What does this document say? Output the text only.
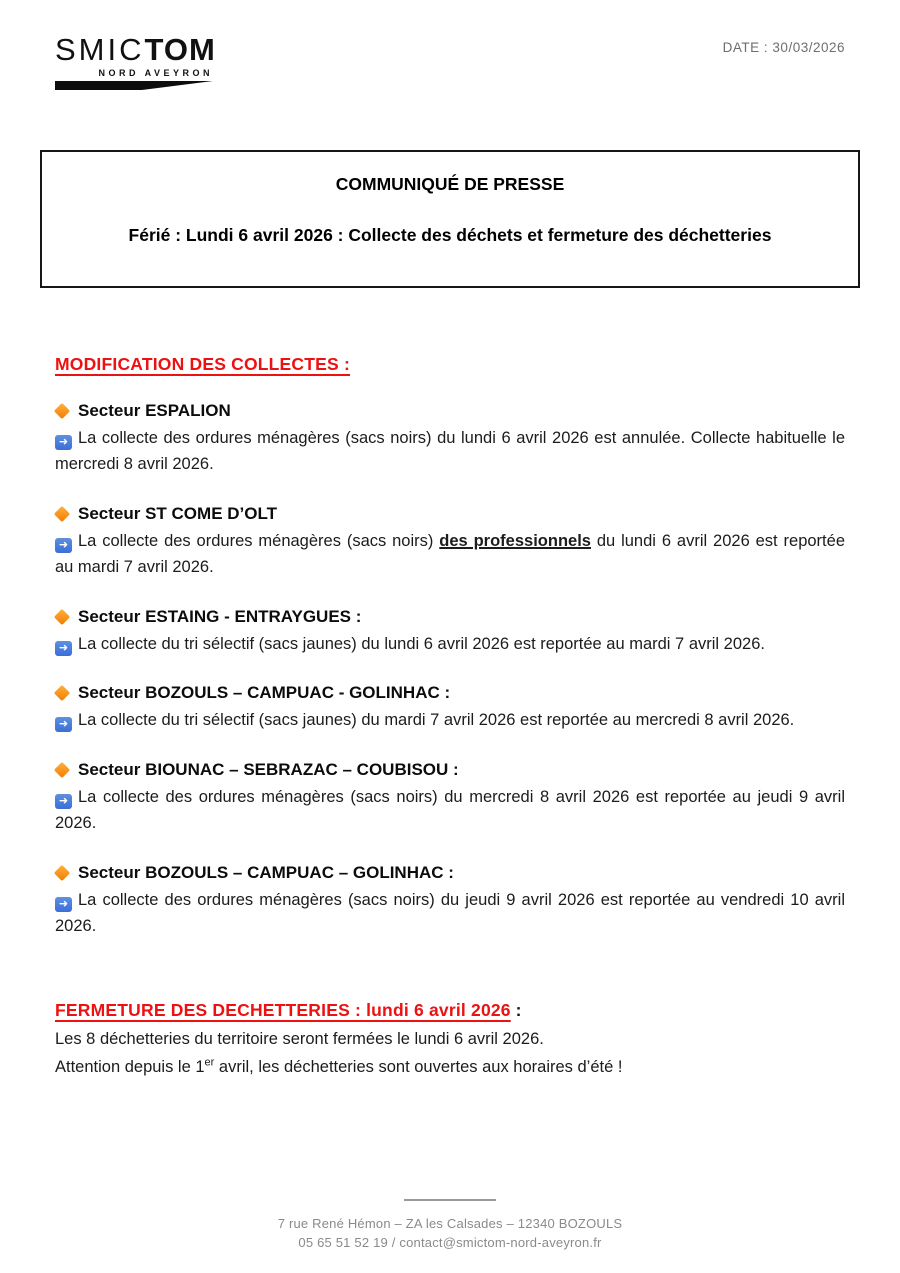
SMICTOM
NORD AVEYRON
DATE : 30/03/2026
COMMUNIQUÉ DE PRESSE
Férié : Lundi 6 avril 2026 : Collecte des déchets et fermeture des déchetteries
MODIFICATION DES COLLECTES :
Secteur ESPALION

➜ La collecte des ordures ménagères (sacs noirs) du lundi 6 avril 2026 est annulée. Collecte habituelle le mercredi 8 avril 2026.

Secteur ST COME D’OLT

➜ La collecte des ordures ménagères (sacs noirs) des professionnels du lundi 6 avril 2026 est reportée au mardi 7 avril 2026.

Secteur ESTAING - ENTRAYGUES :

➜ La collecte du tri sélectif (sacs jaunes) du lundi 6 avril 2026 est reportée au mardi 7 avril 2026.

Secteur BOZOULS – CAMPUAC - GOLINHAC :

➜ La collecte du tri sélectif (sacs jaunes) du mardi 7 avril 2026 est reportée au mercredi 8 avril 2026.

Secteur BIOUNAC – SEBRAZAC – COUBISOU :

➜ La collecte des ordures ménagères (sacs noirs) du mercredi 8 avril 2026 est reportée au jeudi 9 avril 2026.

Secteur BOZOULS – CAMPUAC – GOLINHAC :

➜ La collecte des ordures ménagères (sacs noirs) du jeudi 9 avril 2026 est reportée au vendredi 10 avril 2026.

FERMETURE DES DECHETTERIES : lundi 6 avril 2026 :

Les 8 déchetteries du territoire seront fermées le lundi 6 avril 2026.

Attention depuis le 1er avril, les déchetteries sont ouvertes aux horaires d’été !

7 rue René Hémon – ZA les Calsades – 12340 BOZOULS
05 65 51 52 19 / contact@smictom-nord-aveyron.fr
